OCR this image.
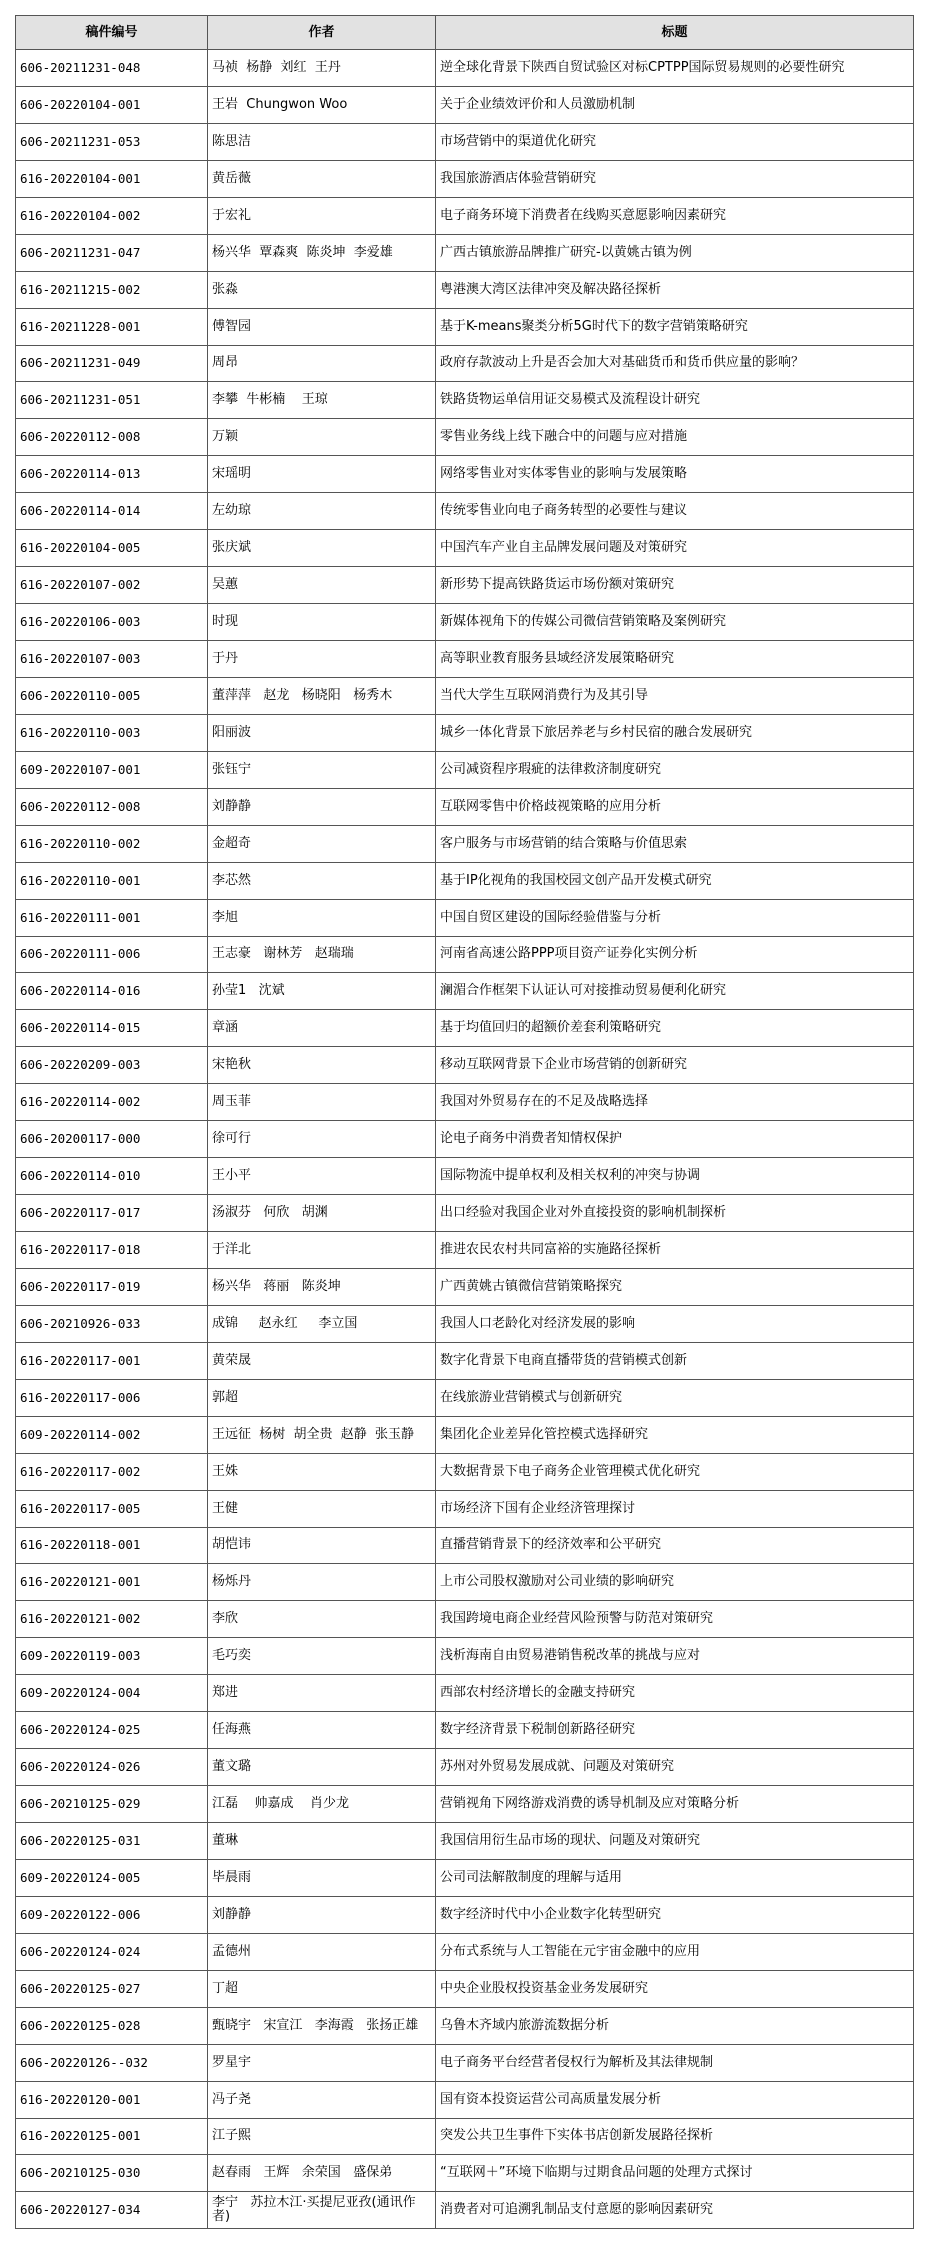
稿件编号	作者	标题
606-20211231-048	马祯  杨静  刘红  王丹	逆全球化背景下陕西自贸试验区对标CPTPP国际贸易规则的必要性研究
606-20220104-001	王岩  Chungwon Woo	关于企业绩效评价和人员激励机制
606-20211231-053	陈思洁	市场营销中的渠道优化研究
616-20220104-001	黄岳薇	我国旅游酒店体验营销研究
616-20220104-002	于宏礼	电子商务环境下消费者在线购买意愿影响因素研究
606-20211231-047	杨兴华  覃森爽  陈炎坤  李爱雄	广西古镇旅游品牌推广研究-以黄姚古镇为例
616-20211215-002	张淼	粤港澳大湾区法律冲突及解决路径探析
616-20211228-001	傅智园	基于K-means聚类分析5G时代下的数字营销策略研究
606-20211231-049	周昂	政府存款波动上升是否会加大对基础货币和货币供应量的影响？
606-20211231-051	李攀  牛彬楠    王琼	铁路货物运单信用证交易模式及流程设计研究
606-20220112-008	万颖	零售业务线上线下融合中的问题与应对措施
606-20220114-013	宋瑶明	网络零售业对实体零售业的影响与发展策略
606-20220114-014	左幼琼	传统零售业向电子商务转型的必要性与建议
616-20220104-005	张庆斌	中国汽车产业自主品牌发展问题及对策研究
616-20220107-002	吴蕙	新形势下提高铁路货运市场份额对策研究
616-20220106-003	时现	新媒体视角下的传媒公司微信营销策略及案例研究
616-20220107-003	于丹	高等职业教育服务县域经济发展策略研究
606-20220110-005	董萍萍   赵龙   杨晓阳   杨秀木	当代大学生互联网消费行为及其引导
616-20220110-003	阳丽波	城乡一体化背景下旅居养老与乡村民宿的融合发展研究
609-20220107-001	张钰宁	公司减资程序瑕疵的法律救济制度研究
606-20220112-008	刘静静	互联网零售中价格歧视策略的应用分析
616-20220110-002	金超奇	客户服务与市场营销的结合策略与价值思索
616-20220110-001	李芯然	基于IP化视角的我国校园文创产品开发模式研究
616-20220111-001	李旭	中国自贸区建设的国际经验借鉴与分析
606-20220111-006	王志豪   谢林芳   赵瑞瑞	河南省高速公路PPP项目资产证券化实例分析
606-20220114-016	孙莹1   沈斌	澜湄合作框架下认证认可对接推动贸易便利化研究
606-20220114-015	章涵	基于均值回归的超额价差套利策略研究
606-20220209-003	宋艳秋	移动互联网背景下企业市场营销的创新研究
616-20220114-002	周玉菲	我国对外贸易存在的不足及战略选择
606-20200117-000	徐可行	论电子商务中消费者知情权保护
606-20220114-010	王小平	国际物流中提单权利及相关权利的冲突与协调
606-20220117-017	汤淑芬   何欣   胡渊	出口经验对我国企业对外直接投资的影响机制探析
616-20220117-018	于洋北	推进农民农村共同富裕的实施路径探析
606-20220117-019	杨兴华   蒋丽   陈炎坤	广西黄姚古镇微信营销策略探究
606-20210926-033	成锦     赵永红     李立国	我国人口老龄化对经济发展的影响
616-20220117-001	黄荣晟	数字化背景下电商直播带货的营销模式创新
616-20220117-006	郭超	在线旅游业营销模式与创新研究
609-20220114-002	王远征  杨树  胡全贵  赵静  张玉静	集团化企业差异化管控模式选择研究
616-20220117-002	王姝	大数据背景下电子商务企业管理模式优化研究
616-20220117-005	王健	市场经济下国有企业经济管理探讨
616-20220118-001	胡恺讳	直播营销背景下的经济效率和公平研究
616-20220121-001	杨烁丹	上市公司股权激励对公司业绩的影响研究
616-20220121-002	李欣	我国跨境电商企业经营风险预警与防范对策研究
609-20220119-003	毛巧奕	浅析海南自由贸易港销售税改革的挑战与应对
609-20220124-004	郑进	西部农村经济增长的金融支持研究
606-20220124-025	任海燕	数字经济背景下税制创新路径研究
606-20220124-026	董文璐	苏州对外贸易发展成就、问题及对策研究
606-20210125-029	江磊    帅嘉成    肖少龙	营销视角下网络游戏消费的诱导机制及应对策略分析
606-20220125-031	董琳	我国信用衍生品市场的现状、问题及对策研究
609-20220124-005	毕晨雨	公司司法解散制度的理解与适用
609-20220122-006	刘静静	数字经济时代中小企业数字化转型研究
606-20220124-024	孟德州	分布式系统与人工智能在元宇宙金融中的应用
606-20220125-027	丁超	中央企业股权投资基金业务发展研究
606-20220125-028	甄晓宇   宋宣江   李海霞   张扬正雄	乌鲁木齐域内旅游流数据分析
606-20220126--032	罗星宇	电子商务平台经营者侵权行为解析及其法律规制
616-20220120-001	冯子尧	国有资本投资运营公司高质量发展分析
616-20220125-001	江子熙	突发公共卫生事件下实体书店创新发展路径探析
606-20210125-030	赵春雨   王辉   余荣国   盛保弟	“互联网＋”环境下临期与过期食品问题的处理方式探讨
606-20220127-034	李宁   苏拉木江·买提尼亚孜(通讯作者)	消费者对可追溯乳制品支付意愿的影响因素研究
